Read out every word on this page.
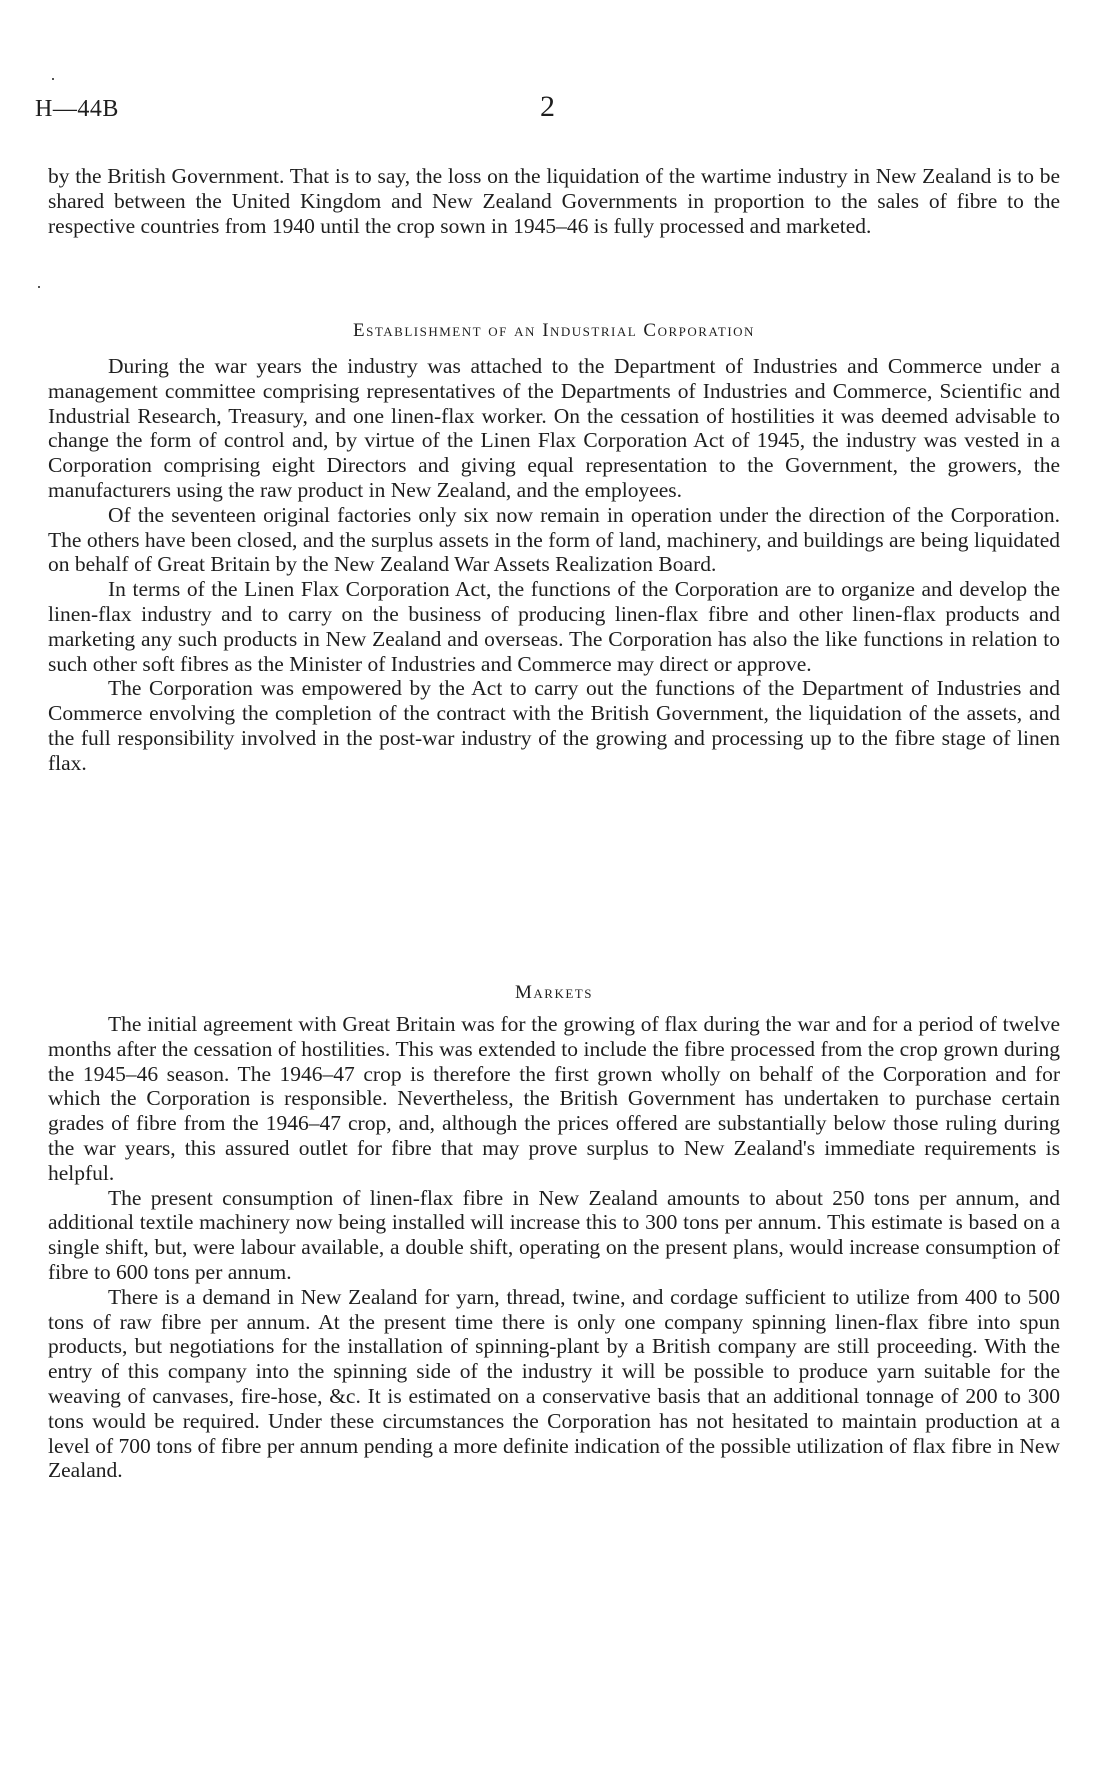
H—44B	2

by the British Government. That is to say, the loss on the liquidation of the wartime industry in New Zealand is to be shared between the United Kingdom and New Zealand Governments in proportion to the sales of fibre to the respective countries from 1940 until the crop sown in 1945–46 is fully processed and marketed.

Establishment of an Industrial Corporation

During the war years the industry was attached to the Department of Industries and Commerce under a management committee comprising representatives of the Departments of Industries and Commerce, Scientific and Industrial Research, Treasury, and one linen-flax worker. On the cessation of hostilities it was deemed advisable to change the form of control and, by virtue of the Linen Flax Corporation Act of 1945, the industry was vested in a Corporation comprising eight Directors and giving equal representation to the Government, the growers, the manufacturers using the raw product in New Zealand, and the employees.

Of the seventeen original factories only six now remain in operation under the direction of the Corporation. The others have been closed, and the surplus assets in the form of land, machinery, and buildings are being liquidated on behalf of Great Britain by the New Zealand War Assets Realization Board.

In terms of the Linen Flax Corporation Act, the functions of the Corporation are to organize and develop the linen-flax industry and to carry on the business of producing linen-flax fibre and other linen-flax products and marketing any such products in New Zealand and overseas. The Corporation has also the like functions in relation to such other soft fibres as the Minister of Industries and Commerce may direct or approve.

The Corporation was empowered by the Act to carry out the functions of the Department of Industries and Commerce envolving the completion of the contract with the British Government, the liquidation of the assets, and the full responsibility involved in the post-war industry of the growing and processing up to the fibre stage of linen flax.

Markets

The initial agreement with Great Britain was for the growing of flax during the war and for a period of twelve months after the cessation of hostilities. This was extended to include the fibre processed from the crop grown during the 1945–46 season. The 1946–47 crop is therefore the first grown wholly on behalf of the Corporation and for which the Corporation is responsible. Nevertheless, the British Government has undertaken to purchase certain grades of fibre from the 1946–47 crop, and, although the prices offered are substantially below those ruling during the war years, this assured outlet for fibre that may prove surplus to New Zealand's immediate requirements is helpful.

The present consumption of linen-flax fibre in New Zealand amounts to about 250 tons per annum, and additional textile machinery now being installed will increase this to 300 tons per annum. This estimate is based on a single shift, but, were labour available, a double shift, operating on the present plans, would increase consumption of fibre to 600 tons per annum.

There is a demand in New Zealand for yarn, thread, twine, and cordage sufficient to utilize from 400 to 500 tons of raw fibre per annum. At the present time there is only one company spinning linen-flax fibre into spun products, but negotiations for the installation of spinning-plant by a British company are still proceeding. With the entry of this company into the spinning side of the industry it will be possible to produce yarn suitable for the weaving of canvases, fire-hose, &c. It is estimated on a conservative basis that an additional tonnage of 200 to 300 tons would be required. Under these circumstances the Corporation has not hesitated to maintain production at a level of 700 tons of fibre per annum pending a more definite indication of the possible utilization of flax fibre in New Zealand.
